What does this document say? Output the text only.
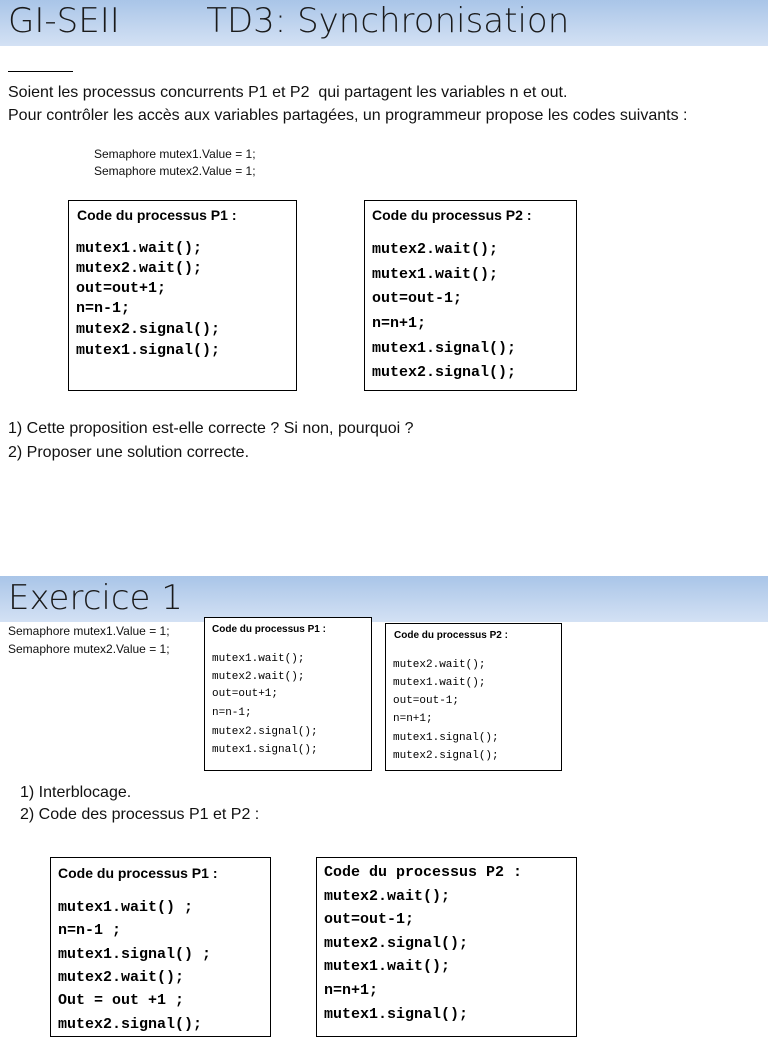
GI-SEII        TD3: Synchronisation
Soient les processus concurrents P1 et P2  qui partagent les variables n et out.
Pour contrôler les accès aux variables partagées, un programmeur propose les codes suivants :
Semaphore mutex1.Value = 1;
Semaphore mutex2.Value = 1;
Code du processus P1 :
mutex1.wait();
mutex2.wait();
out=out+1;
n=n-1;
mutex2.signal();
mutex1.signal();
Code du processus P2 :
mutex2.wait();
mutex1.wait();
out=out-1;
n=n+1;
mutex1.signal();
mutex2.signal();
1) Cette proposition est-elle correcte ? Si non, pourquoi ?
2) Proposer une solution correcte.
Exercice 1
Semaphore mutex1.Value = 1;
Semaphore mutex2.Value = 1;
Code du processus P1 :
mutex1.wait();
mutex2.wait();
out=out+1;
n=n-1;
mutex2.signal();
mutex1.signal();
Code du processus P2 :
mutex2.wait();
mutex1.wait();
out=out-1;
n=n+1;
mutex1.signal();
mutex2.signal();
1) Interblocage.
2) Code des processus P1 et P2 :
Code du processus P1 :
mutex1.wait() ;
n=n-1 ;
mutex1.signal() ;
mutex2.wait();
Out = out +1 ;
mutex2.signal();
Code du processus P2 :
mutex2.wait();
out=out-1;
mutex2.signal();
mutex1.wait();
n=n+1;
mutex1.signal();
